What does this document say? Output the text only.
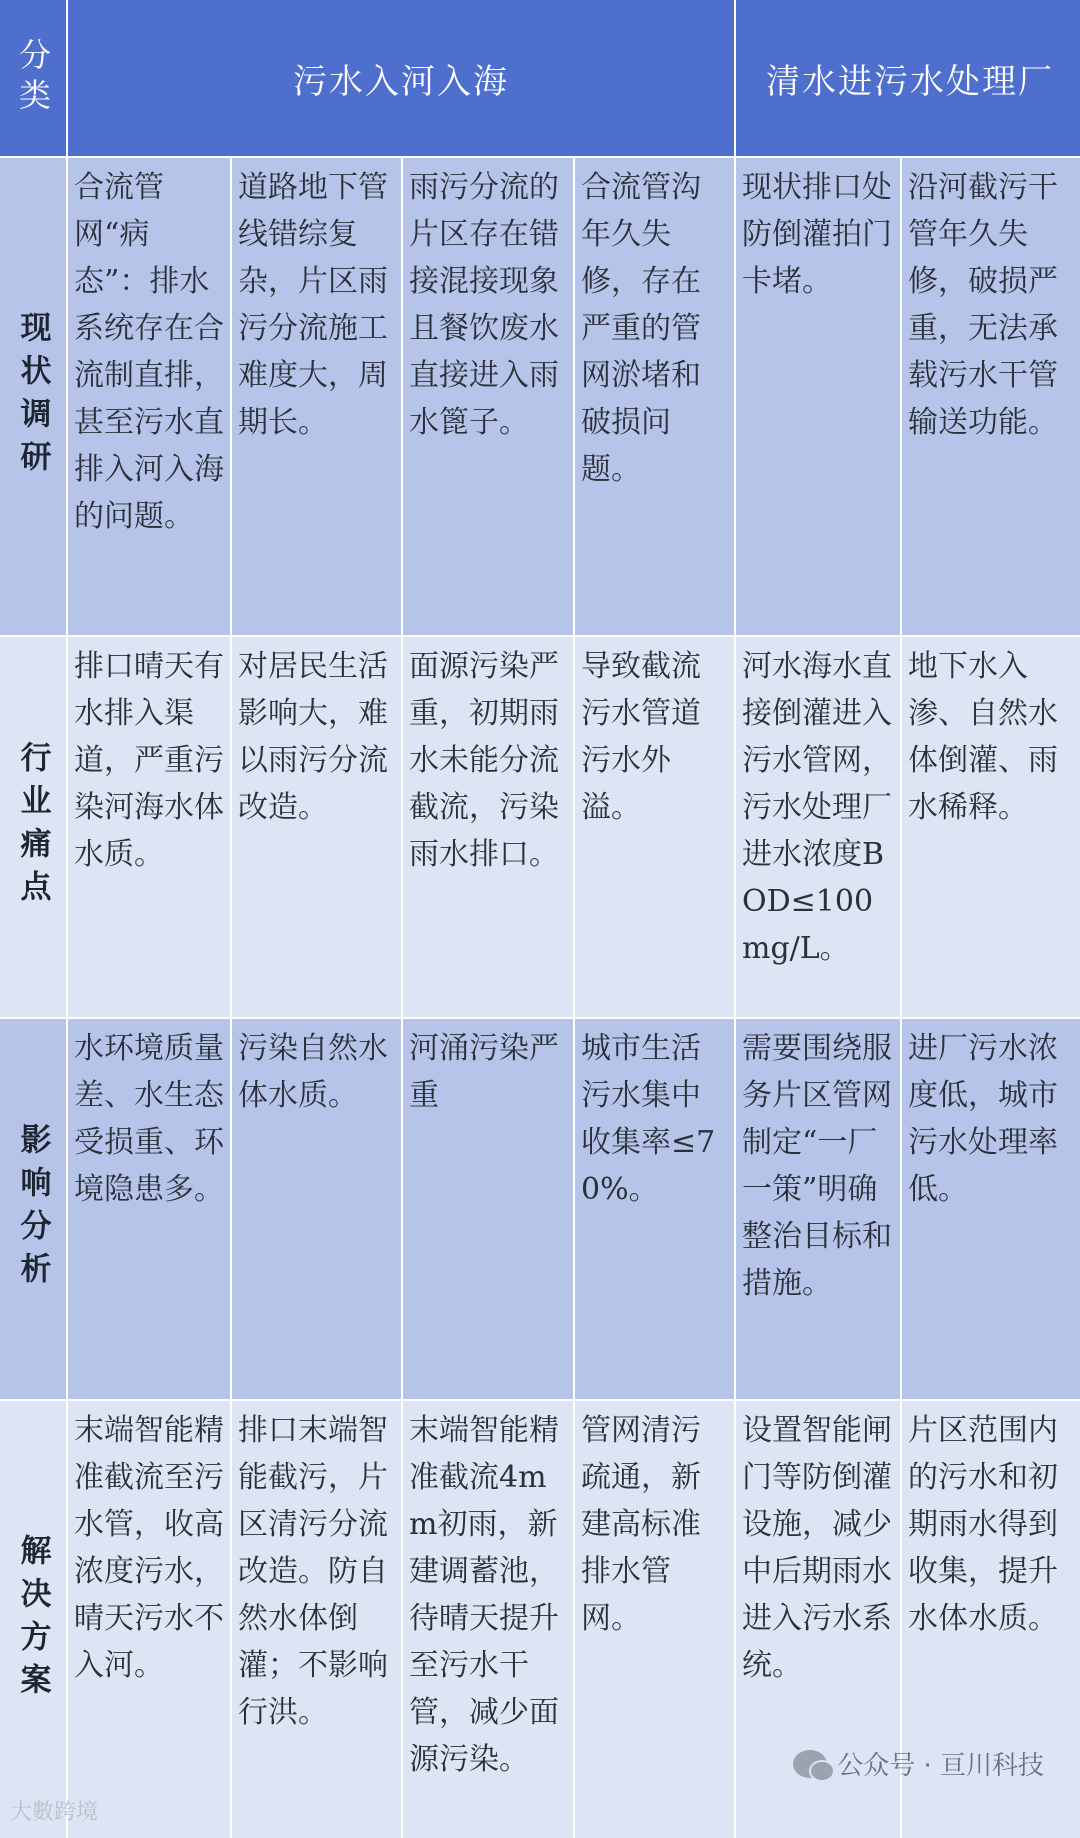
分类	污水入河入海	清水进污水处理厂
现状调研
合流管网“病态”：排水系统存在合流制直排，甚至污水直排入河入海的问题。
道路地下管线错综复杂，片区雨污分流施工难度大，周期长。
雨污分流的片区存在错接混接现象且餐饮废水直接进入雨水篦子。
合流管沟年久失修，存在严重的管网淤堵和破损问题。
现状排口处防倒灌拍门卡堵。
沿河截污干管年久失修，破损严重，无法承载污水干管输送功能。
行业痛点
排口晴天有水排入渠道，严重污染河海水体水质。
对居民生活影响大，难以雨污分流改造。
面源污染严重，初期雨水未能分流截流，污染雨水排口。
导致截流污水管道污水外溢。
河水海水直接倒灌进入污水管网，污水处理厂进水浓度BOD≤100mg/L。
地下水入渗、自然水体倒灌、雨水稀释。
影响分析
水环境质量差、水生态受损重、环境隐患多。
污染自然水体水质。
河涌污染严重
城市生活污水集中收集率≤70%。
需要围绕服务片区管网制定“一厂一策”明确整治目标和措施。
进厂污水浓度低，城市污水处理率低。
解决方案
末端智能精准截流至污水管，收高浓度污水，晴天污水不入河。
排口末端智能截污，片区清污分流改造。防自然水体倒灌；不影响行洪。
末端智能精准截流4mm初雨，新建调蓄池，待晴天提升至污水干管，减少面源污染。
管网清污疏通，新建高标准排水管网。
设置智能闸门等防倒灌设施，减少中后期雨水进入污水系统。
片区范围内的污水和初期雨水得到收集，提升水体水质。
公众号 · 亘川科技
大數跨境
